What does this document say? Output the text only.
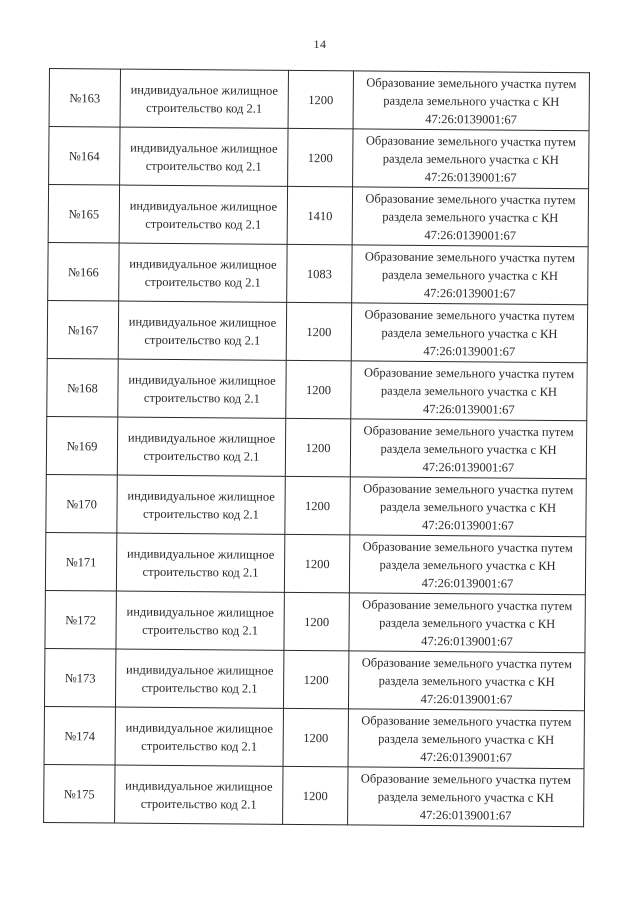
14
№163	индивидуальное жилищное
строительство код 2.1	1200	Образование земельного участка путем
раздела земельного участка с КН
47:26:0139001:67

№164	индивидуальное жилищное
строительство код 2.1	1200	Образование земельного участка путем
раздела земельного участка с КН
47:26:0139001:67

№165	индивидуальное жилищное
строительство код 2.1	1410	Образование земельного участка путем
раздела земельного участка с КН
47:26:0139001:67

№166	индивидуальное жилищное
строительство код 2.1	1083	Образование земельного участка путем
раздела земельного участка с КН
47:26:0139001:67

№167	индивидуальное жилищное
строительство код 2.1	1200	Образование земельного участка путем
раздела земельного участка с КН
47:26:0139001:67

№168	индивидуальное жилищное
строительство код 2.1	1200	Образование земельного участка путем
раздела земельного участка с КН
47:26:0139001:67

№169	индивидуальное жилищное
строительство код 2.1	1200	Образование земельного участка путем
раздела земельного участка с КН
47:26:0139001:67

№170	индивидуальное жилищное
строительство код 2.1	1200	Образование земельного участка путем
раздела земельного участка с КН
47:26:0139001:67

№171	индивидуальное жилищное
строительство код 2.1	1200	Образование земельного участка путем
раздела земельного участка с КН
47:26:0139001:67

№172	индивидуальное жилищное
строительство код 2.1	1200	Образование земельного участка путем
раздела земельного участка с КН
47:26:0139001:67

№173	индивидуальное жилищное
строительство код 2.1	1200	Образование земельного участка путем
раздела земельного участка с КН
47:26:0139001:67

№174	индивидуальное жилищное
строительство код 2.1	1200	Образование земельного участка путем
раздела земельного участка с КН
47:26:0139001:67

№175	индивидуальное жилищное
строительство код 2.1	1200	Образование земельного участка путем
раздела земельного участка с КН
47:26:0139001:67
